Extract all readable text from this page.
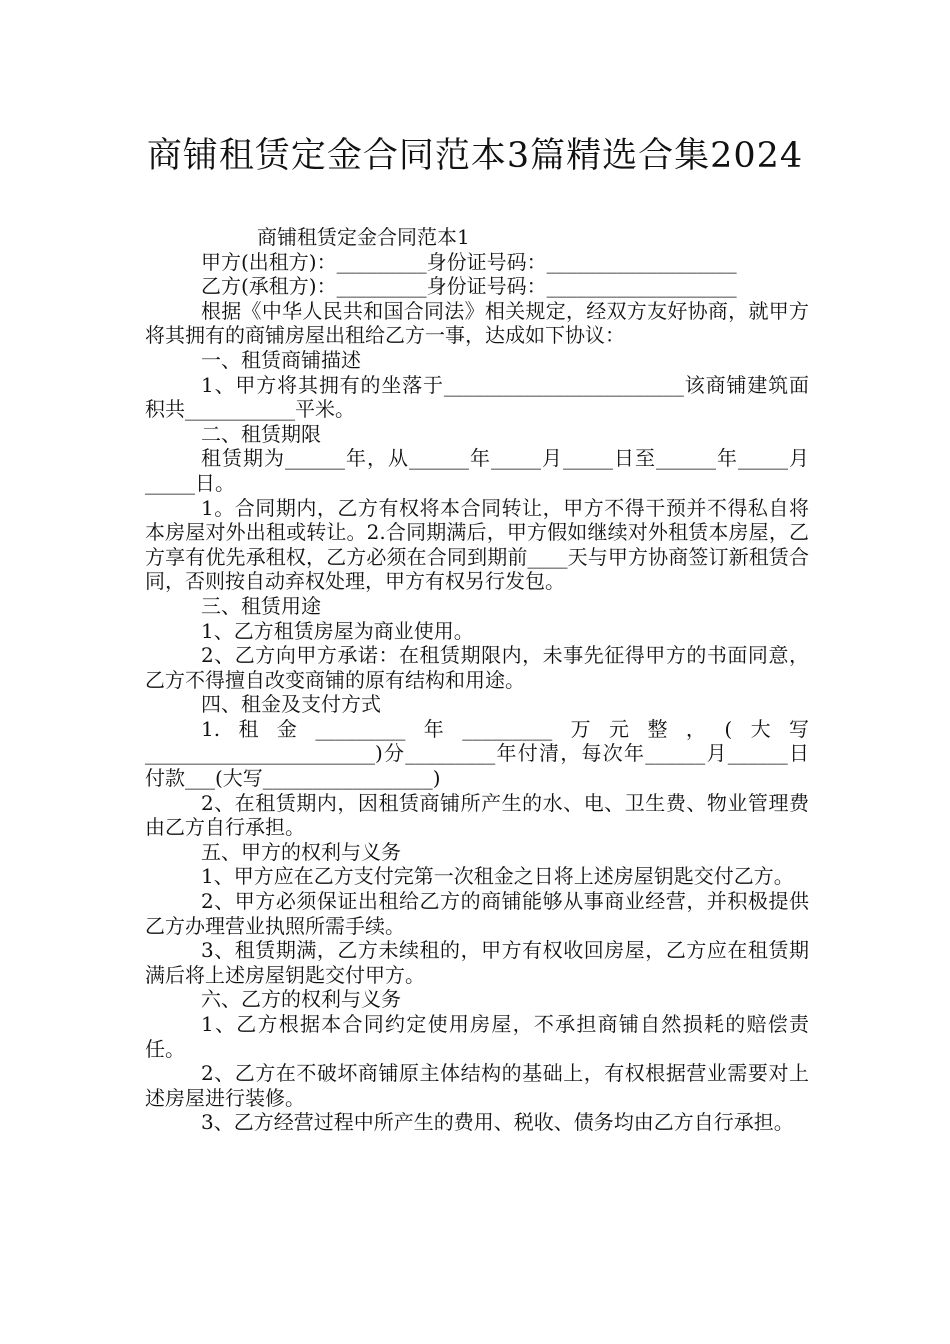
商铺租赁定金合同范本3篇精选合集2024

商铺租赁定金合同范本1

甲方(出租方)：_________身份证号码：___________________

乙方(承租方)：_________身份证号码：___________________

根据《中华人民共和国合同法》相关规定，经双方友好协商，就甲方将其拥有的商铺房屋出租给乙方一事，达成如下协议：

一、租赁商铺描述

1、甲方将其拥有的坐落于________________________该商铺建筑面积共___________平米。

二、租赁期限

租赁期为______年，从______年_____月_____日至______年_____月_____日。

1。合同期内，乙方有权将本合同转让，甲方不得干预并不得私自将本房屋对外出租或转让。2.合同期满后，甲方假如继续对外租赁本房屋，乙方享有优先承租权，乙方必须在合同到期前____天与甲方协商签订新租赁合同，否则按自动弃权处理，甲方有权另行发包。

三、租赁用途

1、乙方租赁房屋为商业使用。

2、乙方向甲方承诺：在租赁期限内，未事先征得甲方的书面同意，乙方不得擅自改变商铺的原有结构和用途。

四、租金及支付方式

1.租金_________年_________万元整，(大写_______________________)分_________年付清，每次年______月______日付款___(大写_________________)

2、在租赁期内，因租赁商铺所产生的水、电、卫生费、物业管理费由乙方自行承担。

五、甲方的权利与义务

1、甲方应在乙方支付完第一次租金之日将上述房屋钥匙交付乙方。

2、甲方必须保证出租给乙方的商铺能够从事商业经营，并积极提供乙方办理营业执照所需手续。

3、租赁期满，乙方未续租的，甲方有权收回房屋，乙方应在租赁期满后将上述房屋钥匙交付甲方。

六、乙方的权利与义务

1、乙方根据本合同约定使用房屋，不承担商铺自然损耗的赔偿责任。

2、乙方在不破坏商铺原主体结构的基础上，有权根据营业需要对上述房屋进行装修。

3、乙方经营过程中所产生的费用、税收、债务均由乙方自行承担。
